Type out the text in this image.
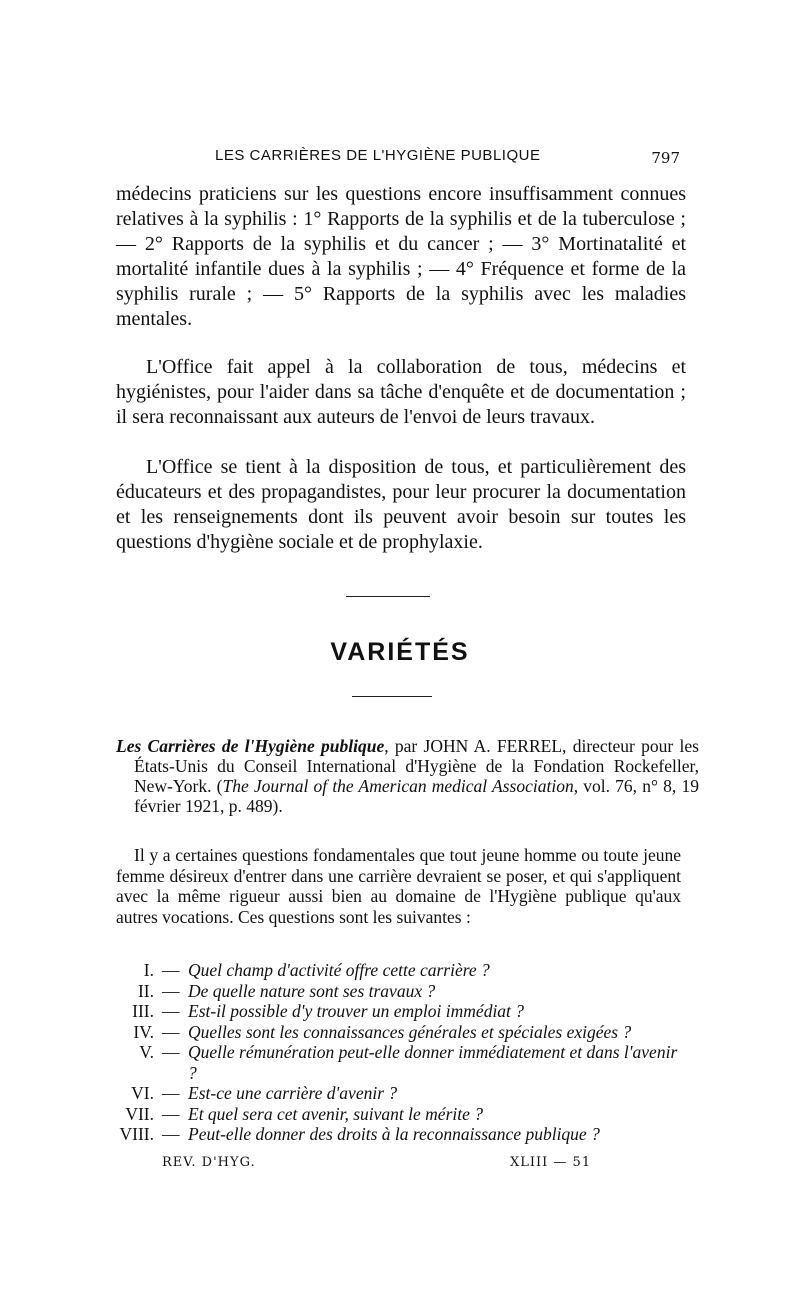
LES CARRIÈRES DE L'HYGIÈNE PUBLIQUE	797

médecins praticiens sur les questions encore insuffisamment connues relatives à la syphilis : 1° Rapports de la syphilis et de la tuberculose ; — 2° Rapports de la syphilis et du cancer ; — 3° Mortinatalité et mortalité infantile dues à la syphilis ; — 4° Fréquence et forme de la syphilis rurale ; — 5° Rapports de la syphilis avec les maladies mentales.

L'Office fait appel à la collaboration de tous, médecins et hygiénistes, pour l'aider dans sa tâche d'enquête et de documentation ; il sera reconnaissant aux auteurs de l'envoi de leurs travaux.

L'Office se tient à la disposition de tous, et particulièrement des éducateurs et des propagandistes, pour leur procurer la documentation et les renseignements dont ils peuvent avoir besoin sur toutes les questions d'hygiène sociale et de prophylaxie.

VARIÉTÉS

Les Carrières de l'Hygiène publique, par JOHN A. FERREL, directeur pour les États-Unis du Conseil International d'Hygiène de la Fondation Rockefeller, New-York. (The Journal of the American medical Association, vol. 76, n° 8, 19 février 1921, p. 489).

Il y a certaines questions fondamentales que tout jeune homme ou toute jeune femme désireux d'entrer dans une carrière devraient se poser, et qui s'appliquent avec la même rigueur aussi bien au domaine de l'Hygiène publique qu'aux autres vocations. Ces questions sont les suivantes :

I. — Quel champ d'activité offre cette carrière ?
II. — De quelle nature sont ses travaux ?
III. — Est-il possible d'y trouver un emploi immédiat ?
IV. — Quelles sont les connaissances générales et spéciales exigées ?
V. — Quelle rémunération peut-elle donner immédiatement et dans l'avenir ?
VI. — Est-ce une carrière d'avenir ?
VII. — Et quel sera cet avenir, suivant le mérite ?
VIII. — Peut-elle donner des droits à la reconnaissance publique ?
REV. D'HYG.	XLIII — 51
